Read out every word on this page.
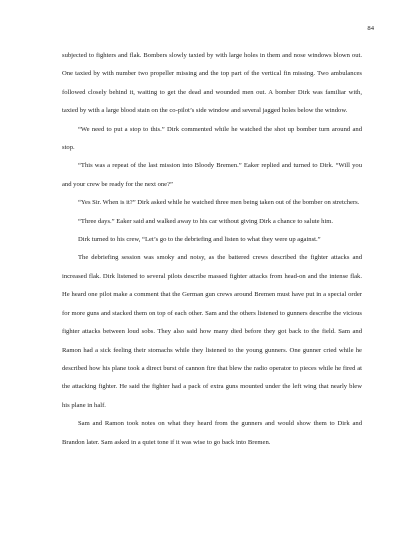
84

subjected to fighters and flak. Bombers slowly taxied by with large holes in them and nose windows blown out. One taxied by with number two propeller missing and the top part of the vertical fin missing. Two ambulances followed closely behind it, waiting to get the dead and wounded men out. A bomber Dirk was familiar with, taxied by with a large blood stain on the co-pilot’s side window and several jagged holes below the window.

“We need to put a stop to this.” Dirk commented while he watched the shot up bomber turn around and stop.

“This was a repeat of the last mission into Bloody Bremen.” Eaker replied and turned to Dirk. “Will you and your crew be ready for the next one?”

“Yes Sir. When is it?” Dirk asked while he watched three men being taken out of the bomber on stretchers.

“Three days.” Eaker said and walked away to his car without giving Dirk a chance to salute him.

Dirk turned to his crew, “Let’s go to the debriefing and listen to what they were up against.”

The debriefing session was smoky and noisy, as the battered crews described the fighter attacks and increased flak. Dirk listened to several pilots describe massed fighter attacks from head-on and the intense flak. He heard one pilot make a comment that the German gun crews around Bremen must have put in a special order for more guns and stacked them on top of each other. Sam and the others listened to gunners describe the vicious fighter attacks between loud sobs. They also said how many died before they got back to the field. Sam and Ramon had a sick feeling their stomachs while they listened to the young gunners. One gunner cried while he described how his plane took a direct burst of cannon fire that blew the radio operator to pieces while he fired at the attacking fighter. He said the fighter had a pack of extra guns mounted under the left wing that nearly blew his plane in half.

Sam and Ramon took notes on what they heard from the gunners and would show them to Dirk and Brandon later. Sam asked in a quiet tone if it was wise to go back into Bremen.
